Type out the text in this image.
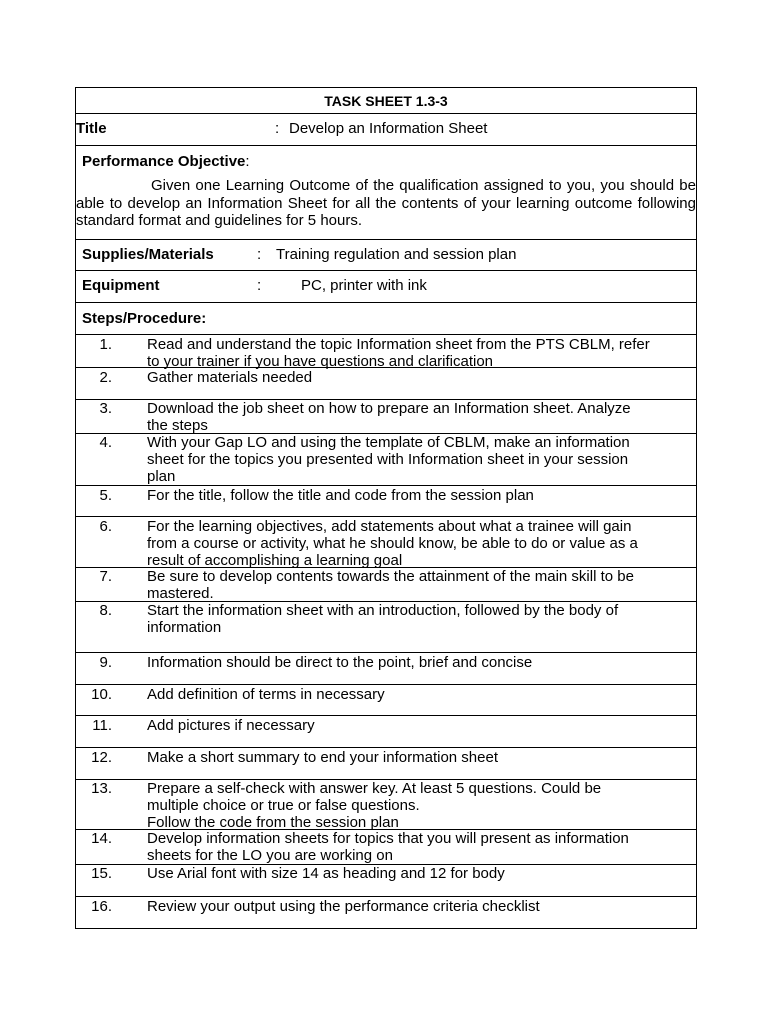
TASK SHEET 1.3-3
Title	: Develop an Information Sheet
Performance Objective:
Given one Learning Outcome of the qualification assigned to you, you should be able to develop an Information Sheet for all the contents of your learning outcome following standard format and guidelines for 5 hours.
Supplies/Materials	: Training regulation and session plan
Equipment	:	PC, printer with ink
Steps/Procedure:
1. Read and understand the topic Information sheet from the PTS CBLM, refer
to your trainer if you have questions and clarification
2. Gather materials needed
3. Download the job sheet on how to prepare an Information sheet. Analyze
the steps
4. With your Gap LO and using the template of CBLM, make an information
sheet for the topics you presented with Information sheet in your session
plan
5. For the title, follow the title and code from the session plan
6. For the learning objectives, add statements about what a trainee will gain
from a course or activity, what he should know, be able to do or value as a
result of accomplishing a learning goal
7. Be sure to develop contents towards the attainment of the main skill to be
mastered.
8. Start the information sheet with an introduction, followed by the body of
information
9. Information should be direct to the point, brief and concise
10. Add definition of terms in necessary
11. Add pictures if necessary
12. Make a short summary to end your information sheet
13. Prepare a self-check with answer key. At least 5 questions. Could be
multiple choice or true or false questions.
Follow the code from the session plan
14. Develop information sheets for topics that you will present as information
sheets for the LO you are working on
15. Use Arial font with size 14 as heading and 12 for body
16. Review your output using the performance criteria checklist
